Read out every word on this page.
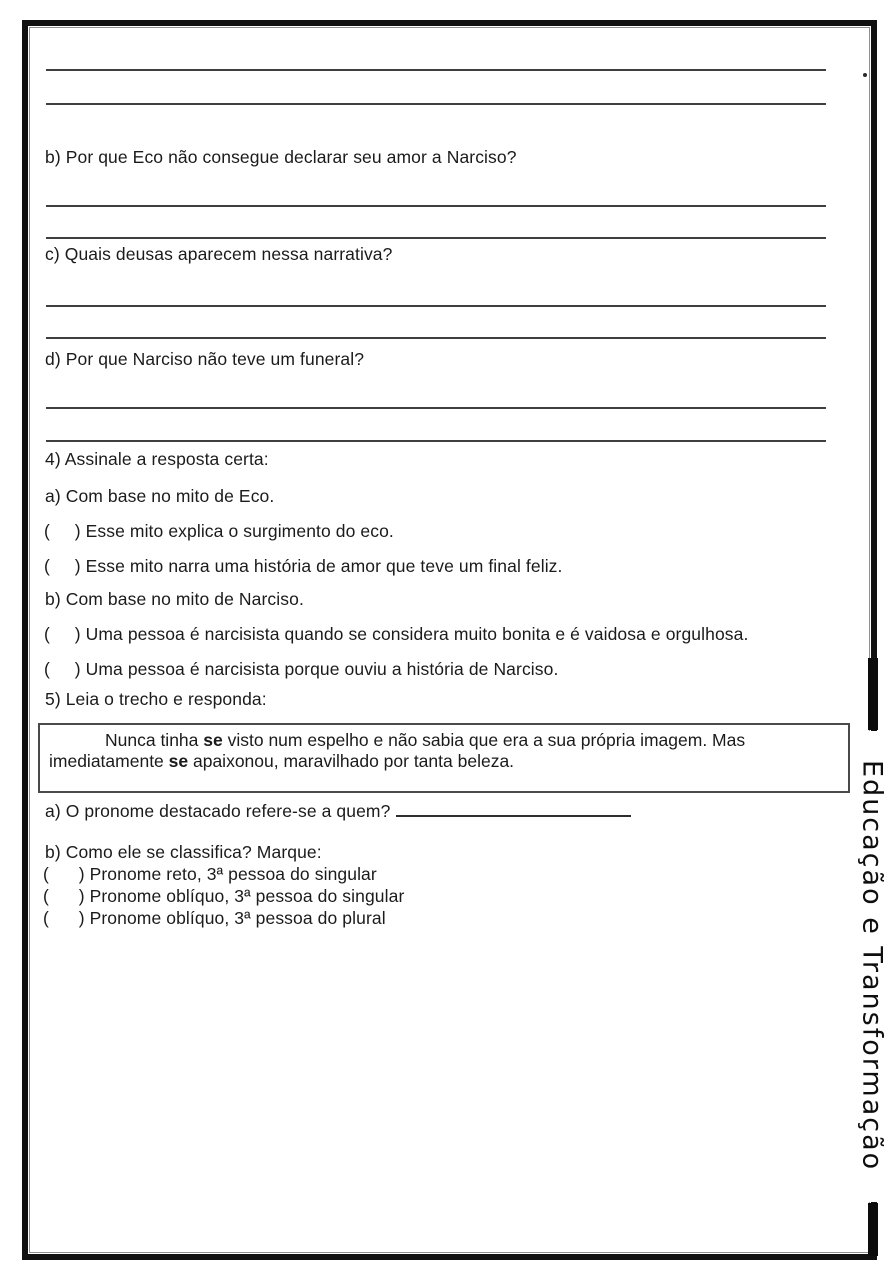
b) Por que Eco não consegue declarar seu amor a Narciso?
c) Quais deusas aparecem nessa narrativa?
d) Por que Narciso não teve um funeral?
4) Assinale a resposta certa:
a) Com base no mito de Eco.
(     ) Esse mito explica o surgimento do eco.
(     ) Esse mito narra uma história de amor que teve um final feliz.
b) Com base no mito de Narciso.
(     ) Uma pessoa é narcisista quando se considera muito bonita e é vaidosa e orgulhosa.
(     ) Uma pessoa é narcisista porque ouviu a história de Narciso.
5) Leia o trecho e responda:

Nunca tinha se visto num espelho e não sabia que era a sua própria imagem. Mas imediatamente se apaixonou, maravilhado por tanta beleza.

a) O pronome destacado refere-se a quem?
b) Como ele se classifica? Marque:
(      ) Pronome reto, 3ª pessoa do singular
(      ) Pronome oblíquo, 3ª pessoa do singular
(      ) Pronome oblíquo, 3ª pessoa do plural	Educação e Transformação
